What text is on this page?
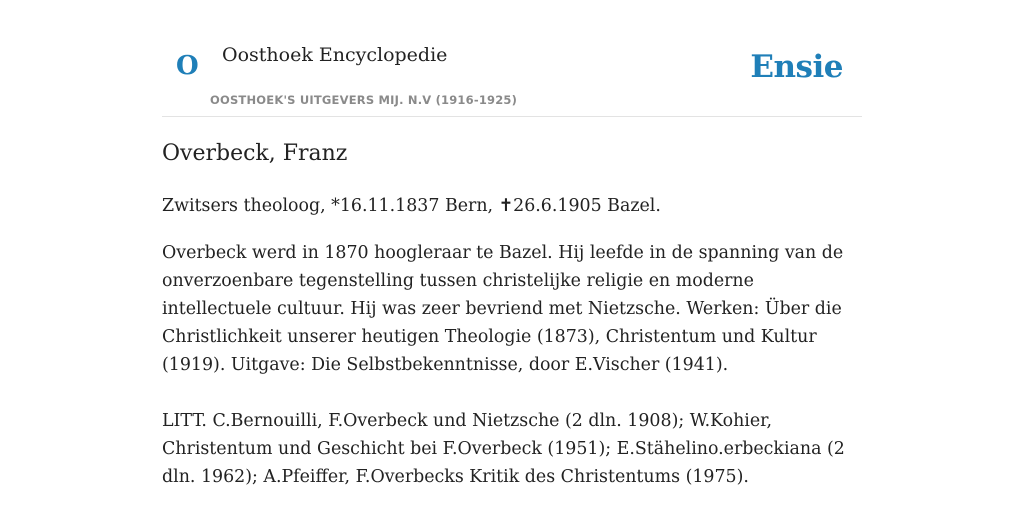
O Oosthoek Encyclopedie
OOSTHOEK'S UITGEVERS MIJ. N.V (1916-1925)
Ensie
Overbeck, Franz

Zwitsers theoloog, *16.11.1837 Bern, ✝26.6.1905 Bazel.

Overbeck werd in 1870 hoogleraar te Bazel. Hij leefde in de spanning van de onverzoenbare tegenstelling tussen christelijke religie en moderne intellectuele cultuur. Hij was zeer bevriend met Nietzsche. Werken: Über die Christlichkeit unserer heutigen Theologie (1873), Christentum und Kultur (1919). Uitgave: Die Selbstbekenntnisse, door E.Vischer (1941).

LITT. C.Bernouilli, F.Overbeck und Nietzsche (2 dln. 1908); W.Kohier, Christentum und Geschicht bei F.Overbeck (1951); E.Stähelino.erbeckiana (2 dln. 1962); A.Pfeiffer, F.Overbecks Kritik des Christentums (1975).
